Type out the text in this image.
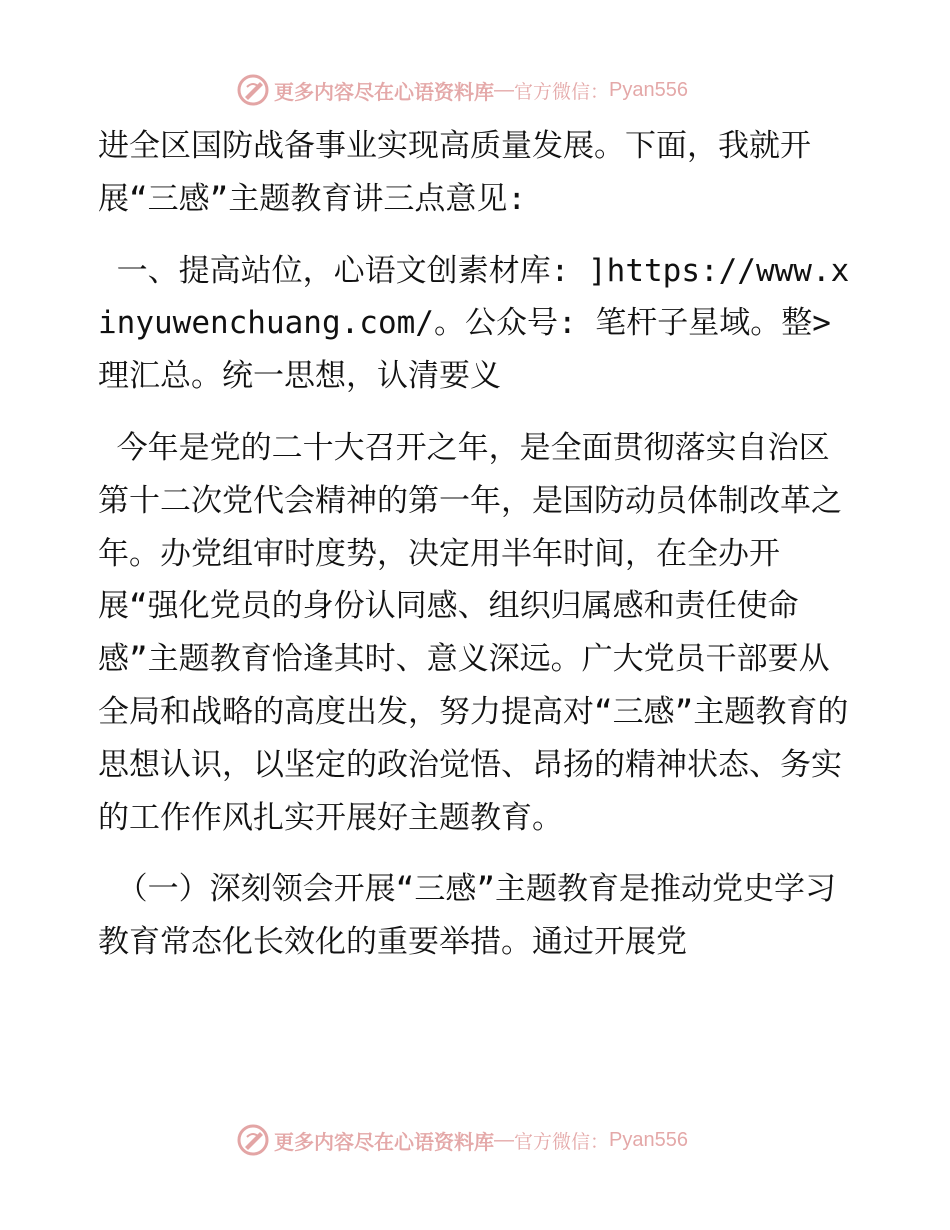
更多内容尽在心语资料库 — 官方微信： Pyan556

进全区国防战备事业实现高质量发展。下面，我就开展“三感”主题教育讲三点意见:

一、提高站位，心语文创素材库: ]https://www.xinyuwenchuang.com/。公众号: 笔杆子星域。整>理汇总。统一思想，认清要义

今年是党的二十大召开之年，是全面贯彻落实自治区第十二次党代会精神的第一年，是国防动员体制改革之年。办党组审时度势，决定用半年时间，在全办开展“强化党员的身份认同感、组织归属感和责任使命感”主题教育恰逢其时、意义深远。广大党员干部要从全局和战略的高度出发，努力提高对“三感”主题教育的思想认识，以坚定的政治觉悟、昂扬的精神状态、务实的工作作风扎实开展好主题教育。

（一）深刻领会开展“三感”主题教育是推动党史学习教育常态化长效化的重要举措。通过开展党

更多内容尽在心语资料库 — 官方微信： Pyan556
